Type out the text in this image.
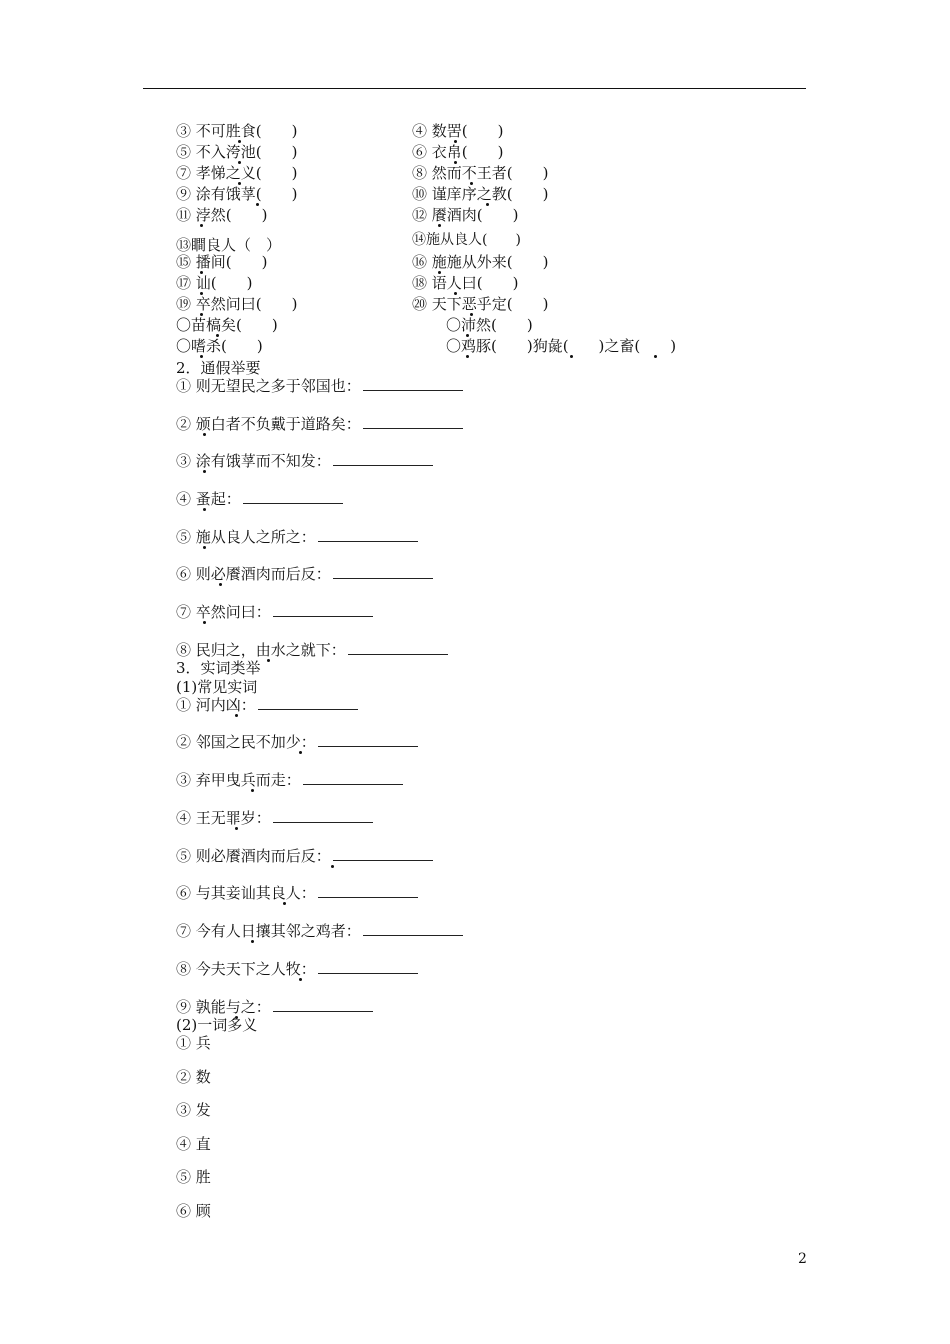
③ 不可胜食(　　)	④ 数罟(　　)
⑤ 不入洿池(　　)	⑥ 衣帛(　　)
⑦ 孝悌之义(　　)	⑧ 然而不王者(　　)
⑨ 涂有饿莩(　　)	⑩ 谨庠序之教(　　)
⑪ 浡然(　　)	⑫ 餍酒肉(　　)
⑬瞷良人（　）	⑭施从良人(　　)
⑮ 播间(　　)	⑯ 施施从外来(　　)
⑰ 讪(　　)	⑱ 语人曰(　　)
⑲ 卒然问曰(　　)	⑳ 天下恶乎定(　　)
〇苗槁矣(　　)	〇沛然(　　)
〇嗜杀(　　)	〇鸡豚(　　)狗彘(　　)之畜(　　)
2．通假举要
① 则无望民之多于邻国也：
② 颁白者不负戴于道路矣：
③ 涂有饿莩而不知发：
④ 蚤起：
⑤ 施从良人之所之：
⑥ 则必餍酒肉而后反：
⑦ 卒然问曰：
⑧ 民归之，由水之就下：
3．实词类举
(1)常见实词
① 河内凶：
② 邻国之民不加少：
③ 弃甲曳兵而走：
④ 王无罪岁：
⑤ 则必餍酒肉而后反：
⑥ 与其妾讪其良人：
⑦ 今有人日攘其邻之鸡者：
⑧ 今夫天下之人牧：
⑨ 孰能与之：
(2)一词多义
① 兵
② 数
③ 发
④ 直
⑤ 胜
⑥ 顾
2
